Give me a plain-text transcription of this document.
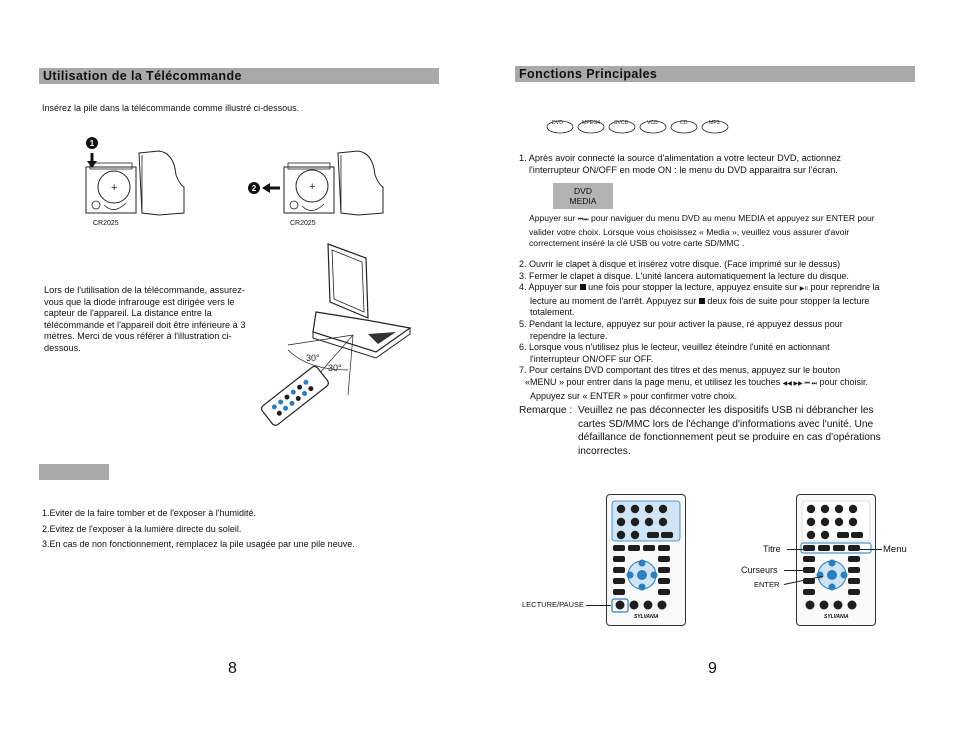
Utilisation de la Télécommande
Insérez la pile dans la télécommande comme illustré ci-dessous.
1
+
CR2025
2	+
CR2025
Lors de l'utilisation de la télécommande, assurez-
vous que la diode infrarouge est dirigée vers le
capteur de l'appareil. La distance entre la
télécommande et l'appareil doit être inférieure à 3
mètres. Merci de vous référer à l'illustration ci-
dessous.
30°
30°
1.Eviter de la faire tomber et de l'exposer à l'humidité.
2.Evitez de l'exposer à la lumière directe du soleil.
3.En cas de non fonctionnement, remplacez la pile usagée par une pile neuve.
8
Fonctions Principales
DVD	MPEG4	SVCD	VCD	CD	MP3
1. Après avoir connecté la source d'alimentation a votre lecteur DVD, actionnez
l'interrupteur ON/OFF en mode ON : le menu du DVD apparaitra sur l'écran.
DVD
MEDIA
Appuyer sur ⏮⏭ pour naviguer du menu DVD au menu MEDIA et appuyez sur ENTER pour
valider votre choix. Lorsque vous choisissez « Media », veuillez vous assurer d'avoir
correctement inséré la clé USB ou votre carte SD/MMC .
2. Ouvrir le clapet à disque et insérez votre disque. (Face imprimé sur le dessus)
3. Fermer le clapet à disque. L'unité lancera automatiquement la lecture du disque.
4. Appuyer sur une fois pour stopper la lecture, appuyez ensuite sur ▶॥ pour reprendre la
lecture au moment de l'arrêt. Appuyez sur deux fois de suite pour stopper la lecture
totalement.
5. Pendant la lecture, appuyez sur pour activer la pause, ré appuyez dessus pour
rependre la lecture.
6. Lorsque vous n'utilisez plus le lecteur, veuillez éteindre l'unité en actionnant
l'interrupteur ON/OFF sur OFF.
7. Pour certains DVD comportant des titres et des menus, appuyez sur le bouton
«MENU » pour entrer dans la page menu, et utilisez les touches ◀◀ ▶▶ ⏮ ⏭ pour choisir.
Appuyez sur « ENTER » pour confirmer votre choix.
Remarque : Veuillez ne pas déconnecter les dispositifs USB ni débrancher les
cartes SD/MMC lors de l'échange d'informations avec l'unité. Une
défaillance de fonctionnement peut se produire en cas d'opérations
incorrectes.
SYLVANIA
LECTURE/PAUSE
SYLVANIA
Titre
Curseurs
ENTER
Menu
9
